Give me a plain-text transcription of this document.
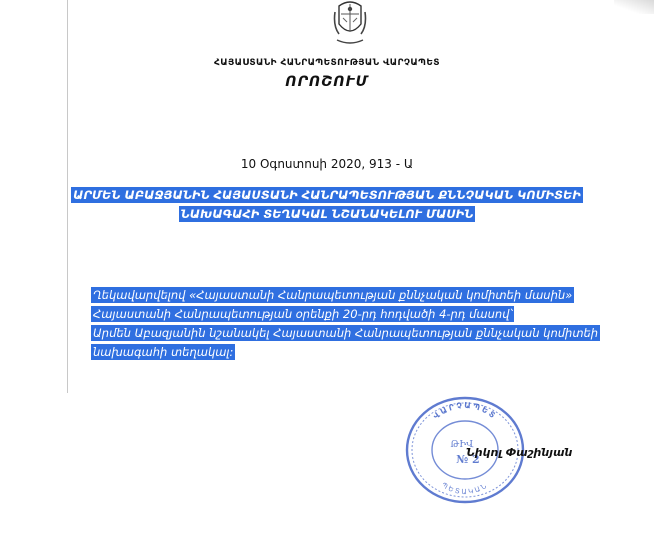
ՀԱՅԱՍՏԱՆԻ ՀԱՆՐԱՊԵՏՈՒԹՅԱՆ ՎԱՐՉԱՊԵՏ
ՈՐՈՇՈՒՄ
10 Օգոստոսի 2020, 913 - Ա
ԱՐՄԵՆ ԱԲԱՋՅԱՆԻՆ ՀԱՅԱՍՏԱՆԻ ՀԱՆՐԱՊԵՏՈՒԹՅԱՆ ՔՆՆՉԱԿԱՆ ԿՈՄԻՏԵԻ
ՆԱԽԱԳԱՀԻ ՏԵՂԱԿԱԼ ՆՇԱՆԱԿԵԼՈՒ ՄԱՍԻՆ
Ղեկավարվելով «Հայաստանի Հանրապետության քննչական կոմիտեի մասին»
Հայաստանի Հանրապետության օրենքի 20-րդ հոդվածի 4-րդ մասով՝
Արմեն Աբազյանին նշանակել Հայաստանի Հանրապետության քննչական կոմիտեի
նախագահի տեղակալ:
ՎԱՐՉԱՊԵՏ
ՊԵՏԱԿԱՆ
ԹԻՎ
№ 2
Նիկոլ Փաշինյան
